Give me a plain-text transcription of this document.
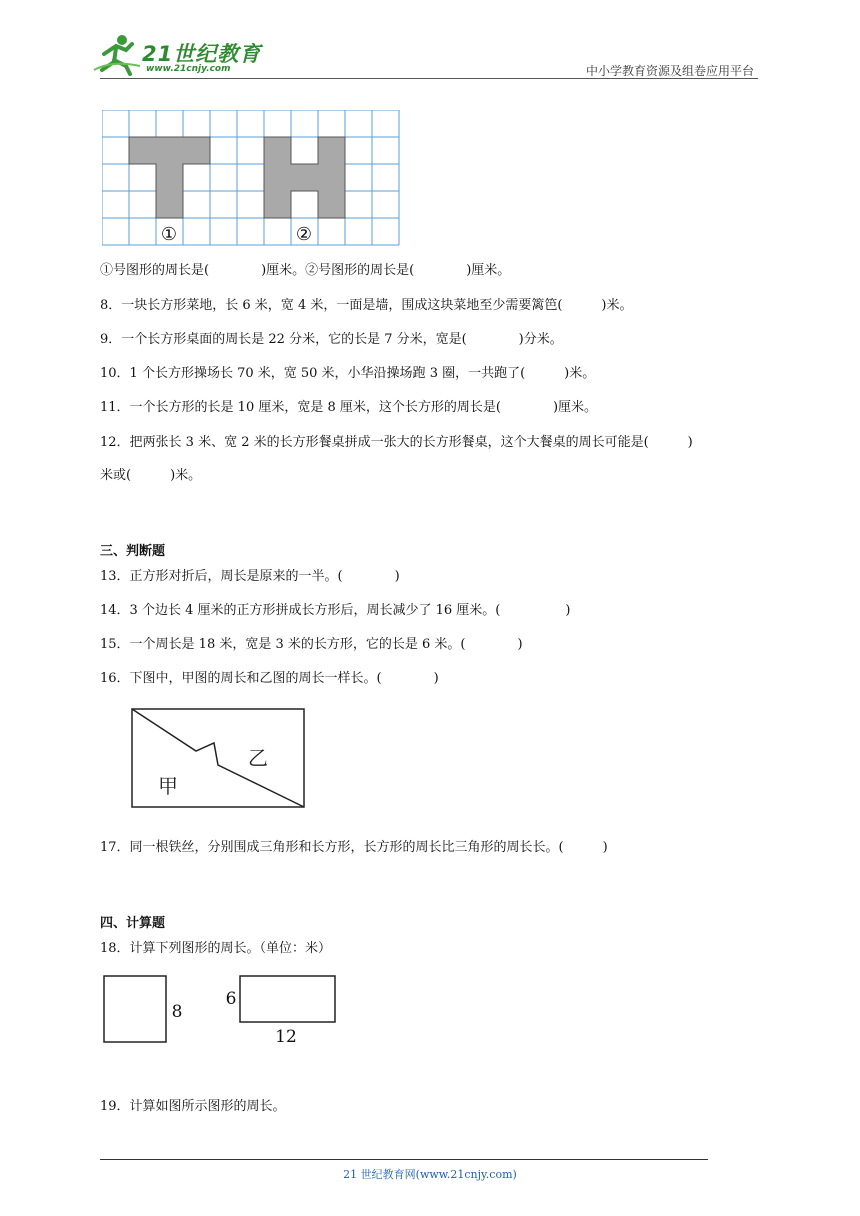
21世纪教育
www.21cnjy.com	中小学教育资源及组卷应用平台
①	②
①号图形的周长是(　　　　)厘米。②号图形的周长是(　　　　)厘米。
8．一块长方形菜地，长 6 米，宽 4 米，一面是墙，围成这块菜地至少需要篱笆(　　　)米。
9．一个长方形桌面的周长是 22 分米，它的长是 7 分米，宽是(　　　　)分米。
10．1 个长方形操场长 70 米，宽 50 米，小华沿操场跑 3 圈，一共跑了(　　　)米。
11．一个长方形的长是 10 厘米，宽是 8 厘米，这个长方形的周长是(　　　　)厘米。
12．把两张长 3 米、宽 2 米的长方形餐桌拼成一张大的长方形餐桌，这个大餐桌的周长可能是(　　　)
米或(　　　)米。
三、判断题
13．正方形对折后，周长是原来的一半。(　　　　)
14．3 个边长 4 厘米的正方形拼成长方形后，周长减少了 16 厘米。(　　　　　)
15．一个周长是 18 米，宽是 3 米的长方形，它的长是 6 米。(　　　　)
16．下图中，甲图的周长和乙图的周长一样长。(　　　　)
甲
乙
17．同一根铁丝，分别围成三角形和长方形，长方形的周长比三角形的周长长。(　　　)
四、计算题
18．计算下列图形的周长。（单位：米）
8
6
12
19．计算如图所示图形的周长。
21 世纪教育网(www.21cnjy.com)
